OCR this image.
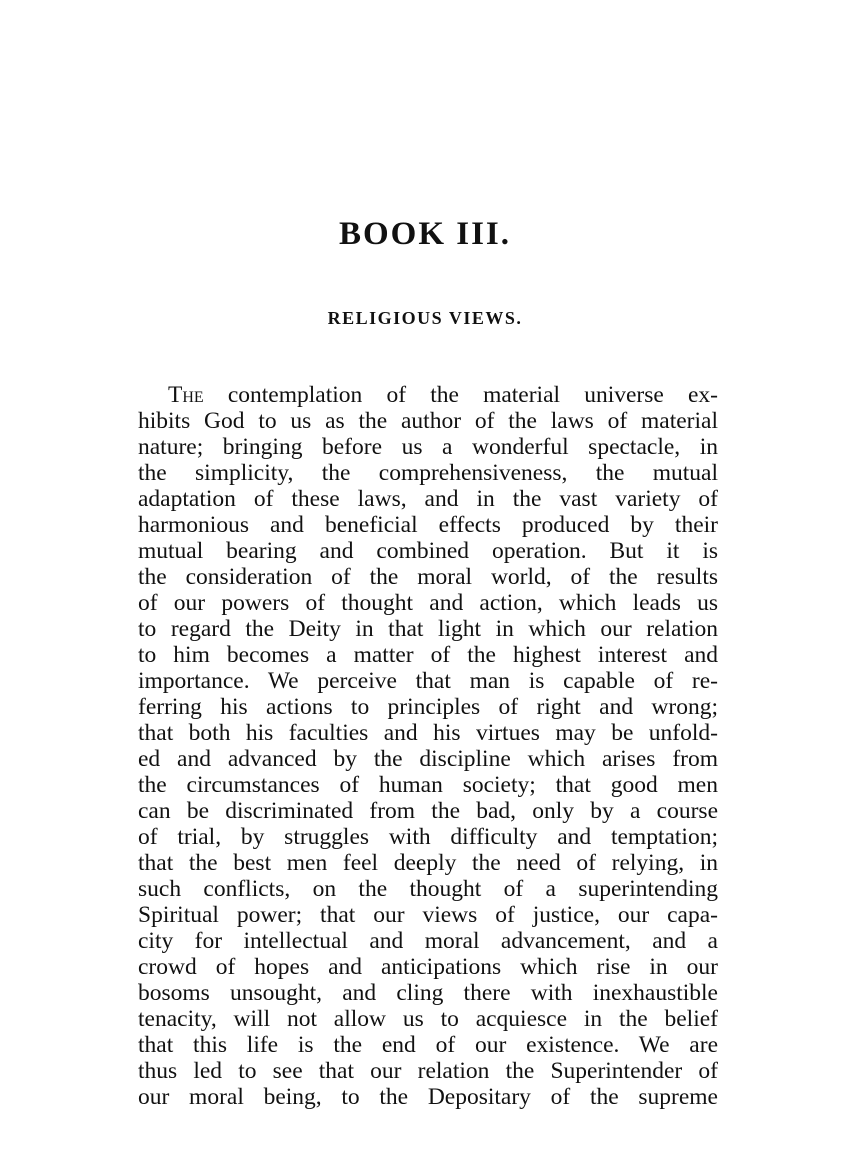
BOOK III.
RELIGIOUS VIEWS.
The contemplation of the material universe ex-
hibits God to us as the author of the laws of material
nature; bringing before us a wonderful spectacle, in
the simplicity, the comprehensiveness, the mutual
adaptation of these laws, and in the vast variety of
harmonious and beneficial effects produced by their
mutual bearing and combined operation. But it is
the consideration of the moral world, of the results
of our powers of thought and action, which leads us
to regard the Deity in that light in which our relation
to him becomes a matter of the highest interest and
importance. We perceive that man is capable of re-
ferring his actions to principles of right and wrong;
that both his faculties and his virtues may be unfold-
ed and advanced by the discipline which arises from
the circumstances of human society; that good men
can be discriminated from the bad, only by a course
of trial, by struggles with difficulty and temptation;
that the best men feel deeply the need of relying, in
such conflicts, on the thought of a superintending
Spiritual power; that our views of justice, our capa-
city for intellectual and moral advancement, and a
crowd of hopes and anticipations which rise in our
bosoms unsought, and cling there with inexhaustible
tenacity, will not allow us to acquiesce in the belief
that this life is the end of our existence. We are
thus led to see that our relation the Superintender of
our moral being, to the Depositary of the supreme
